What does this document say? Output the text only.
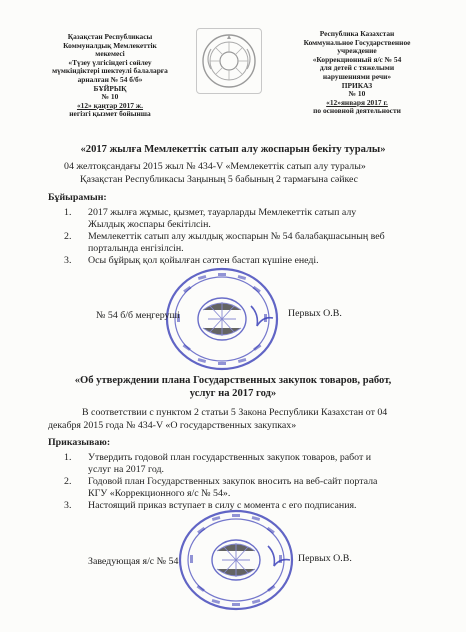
Қазақстан Республикасы
Коммуналдық Мемлекеттік
мекемесі
«Түзеу үлгісіндегі сөйлеу
мүмкіндіктері шектеулі балаларға
арналған № 54 б/б»
БҰЙРЫҚ
№ 10
«12» қаңтар 2017 ж.
негізгі қызмет бойынша
Республика Казахстан
Коммунальное Государственное
учреждение
«Коррекционный я/с № 54
для детей с тяжелыми
нарушениями речи»
ПРИКАЗ
№ 10
«12»января 2017 г.
по основной деятельности
«2017 жылға Мемлекеттік сатып алу жоспарын бекіту туралы»
04 желтоқсандағы 2015 жыл № 434-V «Мемлекеттік сатып алу туралы»
Қазақстан Республикасы Заңының 5 бабының 2 тармағына сәйкес
Бұйырамын:
1. 2017 жылға жұмыс, қызмет, тауарларды Мемлекеттік сатып алу
Жылдық жоспары бекітілсін.
2. Мемлекеттік сатып алу жылдық жоспарын № 54 балабақшасының веб
порталында енгізілсін.
3. Осы бұйрық қол қойылған сәттен бастап күшіне енеді.
№ 54 б/б меңгеруші	Первых О.В.
«Об утверждении плана Государственных закупок товаров, работ,
услуг на 2017 год»
В соответствии с пунктом 2 статьи 5 Закона Республики Казахстан от 04
декабря 2015 года № 434-V «О государственных закупках»
Приказываю:
1. Утвердить годовой план государственных закупок товаров, работ и
услуг на 2017 год.
2. Годовой план Государственных закупок вносить на веб-сайт портала
КГУ «Коррекционного я/с № 54».
3. Настоящий приказ вступает в силу с момента с его подписания.
Заведующая я/с № 54	Первых О.В.
